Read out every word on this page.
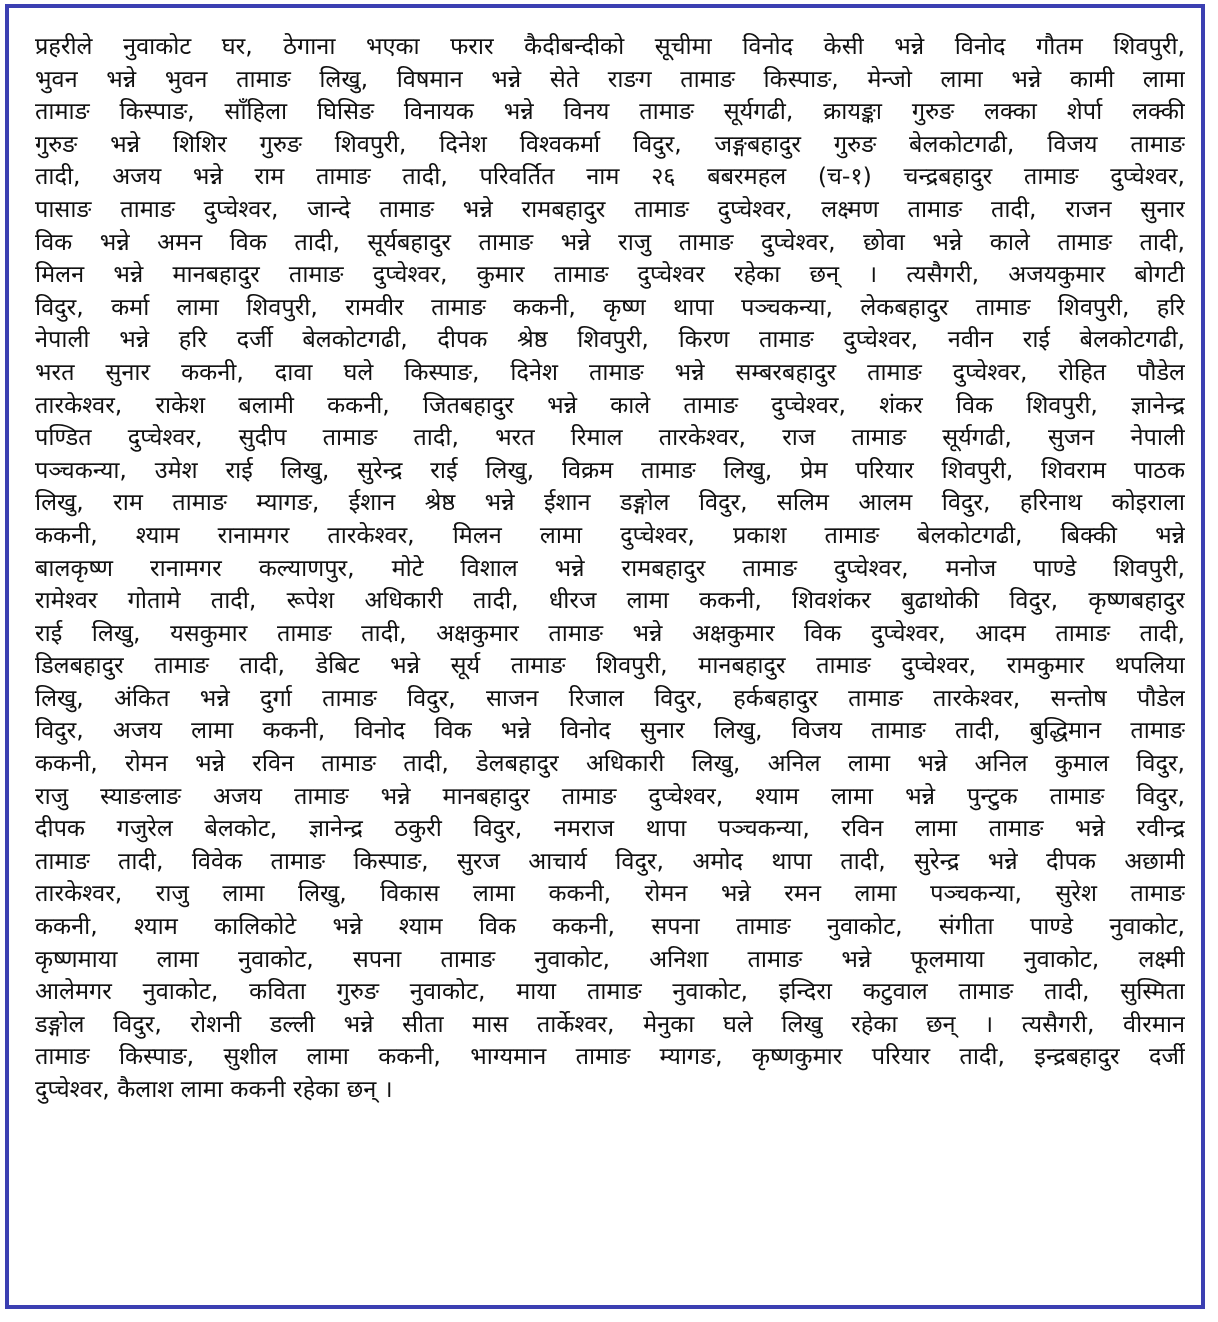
प्रहरीले नुवाकोट घर, ठेगाना भएका फरार कैदीबन्दीको सूचीमा विनोद केसी भन्ने विनोद गौतम शिवपुरी,
भुवन भन्ने भुवन तामाङ लिखु, विषमान भन्ने सेते राङग तामाङ किस्पाङ, मेन्जो लामा भन्ने कामी लामा
तामाङ किस्पाङ, साँहिला घिसिङ विनायक भन्ने विनय तामाङ सूर्यगढी, क्रायङ्का गुरुङ लक्का शेर्पा लक्की
गुरुङ भन्ने शिशिर गुरुङ शिवपुरी, दिनेश विश्वकर्मा विदुर, जङ्गबहादुर गुरुङ बेलकोटगढी, विजय तामाङ
तादी, अजय भन्ने राम तामाङ तादी, परिवर्तित नाम २६ बबरमहल (च-१) चन्द्रबहादुर तामाङ दुप्चेश्वर,
पासाङ तामाङ दुप्चेश्वर, जान्दे तामाङ भन्ने रामबहादुर तामाङ दुप्चेश्वर, लक्ष्मण तामाङ तादी, राजन सुनार
विक भन्ने अमन विक तादी, सूर्यबहादुर तामाङ भन्ने राजु तामाङ दुप्चेश्वर, छोवा भन्ने काले तामाङ तादी,
मिलन भन्ने मानबहादुर तामाङ दुप्चेश्वर, कुमार तामाङ दुप्चेश्वर रहेका छन् । त्यसैगरी, अजयकुमार बोगटी
विदुर, कर्मा लामा शिवपुरी, रामवीर तामाङ ककनी, कृष्ण थापा पञ्चकन्या, लेकबहादुर तामाङ शिवपुरी, हरि
नेपाली भन्ने हरि दर्जी बेलकोटगढी, दीपक श्रेष्ठ शिवपुरी, किरण तामाङ दुप्चेश्वर, नवीन राई बेलकोटगढी,
भरत सुनार ककनी, दावा घले किस्पाङ, दिनेश तामाङ भन्ने सम्बरबहादुर तामाङ दुप्चेश्वर, रोहित पौडेल
तारकेश्वर, राकेश बलामी ककनी, जितबहादुर भन्ने काले तामाङ दुप्चेश्वर, शंकर विक शिवपुरी, ज्ञानेन्द्र
पण्डित दुप्चेश्वर, सुदीप तामाङ तादी, भरत रिमाल तारकेश्वर, राज तामाङ सूर्यगढी, सुजन नेपाली
पञ्चकन्या, उमेश राई लिखु, सुरेन्द्र राई लिखु, विक्रम तामाङ लिखु, प्रेम परियार शिवपुरी, शिवराम पाठक
लिखु, राम तामाङ म्यागङ, ईशान श्रेष्ठ भन्ने ईशान डङ्गोल विदुर, सलिम आलम विदुर, हरिनाथ कोइराला
ककनी, श्याम रानामगर तारकेश्वर, मिलन लामा दुप्चेश्वर, प्रकाश तामाङ बेलकोटगढी, बिक्की भन्ने
बालकृष्ण रानामगर कल्याणपुर, मोटे विशाल भन्ने रामबहादुर तामाङ दुप्चेश्वर, मनोज पाण्डे शिवपुरी,
रामेश्वर गोतामे तादी, रूपेश अधिकारी तादी, धीरज लामा ककनी, शिवशंकर बुढाथोकी विदुर, कृष्णबहादुर
राई लिखु, यसकुमार तामाङ तादी, अक्षकुमार तामाङ भन्ने अक्षकुमार विक दुप्चेश्वर, आदम तामाङ तादी,
डिलबहादुर तामाङ तादी, डेबिट भन्ने सूर्य तामाङ शिवपुरी, मानबहादुर तामाङ दुप्चेश्वर, रामकुमार थपलिया
लिखु, अंकित भन्ने दुर्गा तामाङ विदुर, साजन रिजाल विदुर, हर्कबहादुर तामाङ तारकेश्वर, सन्तोष पौडेल
विदुर, अजय लामा ककनी, विनोद विक भन्ने विनोद सुनार लिखु, विजय तामाङ तादी, बुद्धिमान तामाङ
ककनी, रोमन भन्ने रविन तामाङ तादी, डेलबहादुर अधिकारी लिखु, अनिल लामा भन्ने अनिल कुमाल विदुर,
राजु स्याङलाङ अजय तामाङ भन्ने मानबहादुर तामाङ दुप्चेश्वर, श्याम लामा भन्ने पुन्टुक तामाङ विदुर,
दीपक गजुरेल बेलकोट, ज्ञानेन्द्र ठकुरी विदुर, नमराज थापा पञ्चकन्या, रविन लामा तामाङ भन्ने रवीन्द्र
तामाङ तादी, विवेक तामाङ किस्पाङ, सुरज आचार्य विदुर, अमोद थापा तादी, सुरेन्द्र भन्ने दीपक अछामी
तारकेश्वर, राजु लामा लिखु, विकास लामा ककनी, रोमन भन्ने रमन लामा पञ्चकन्या, सुरेश तामाङ
ककनी, श्याम कालिकोटे भन्ने श्याम विक ककनी, सपना तामाङ नुवाकोट, संगीता पाण्डे नुवाकोट,
कृष्णमाया लामा नुवाकोट, सपना तामाङ नुवाकोट, अनिशा तामाङ भन्ने फूलमाया नुवाकोट, लक्ष्मी
आलेमगर नुवाकोट, कविता गुरुङ नुवाकोट, माया तामाङ नुवाकोट, इन्दिरा कटुवाल तामाङ तादी, सुस्मिता
डङ्गोल विदुर, रोशनी डल्ली भन्ने सीता मास तार्केश्वर, मेनुका घले लिखु रहेका छन् । त्यसैगरी, वीरमान
तामाङ किस्पाङ, सुशील लामा ककनी, भाग्यमान तामाङ म्यागङ, कृष्णकुमार परियार तादी, इन्द्रबहादुर दर्जी
दुप्चेश्वर, कैलाश लामा ककनी रहेका छन् ।
